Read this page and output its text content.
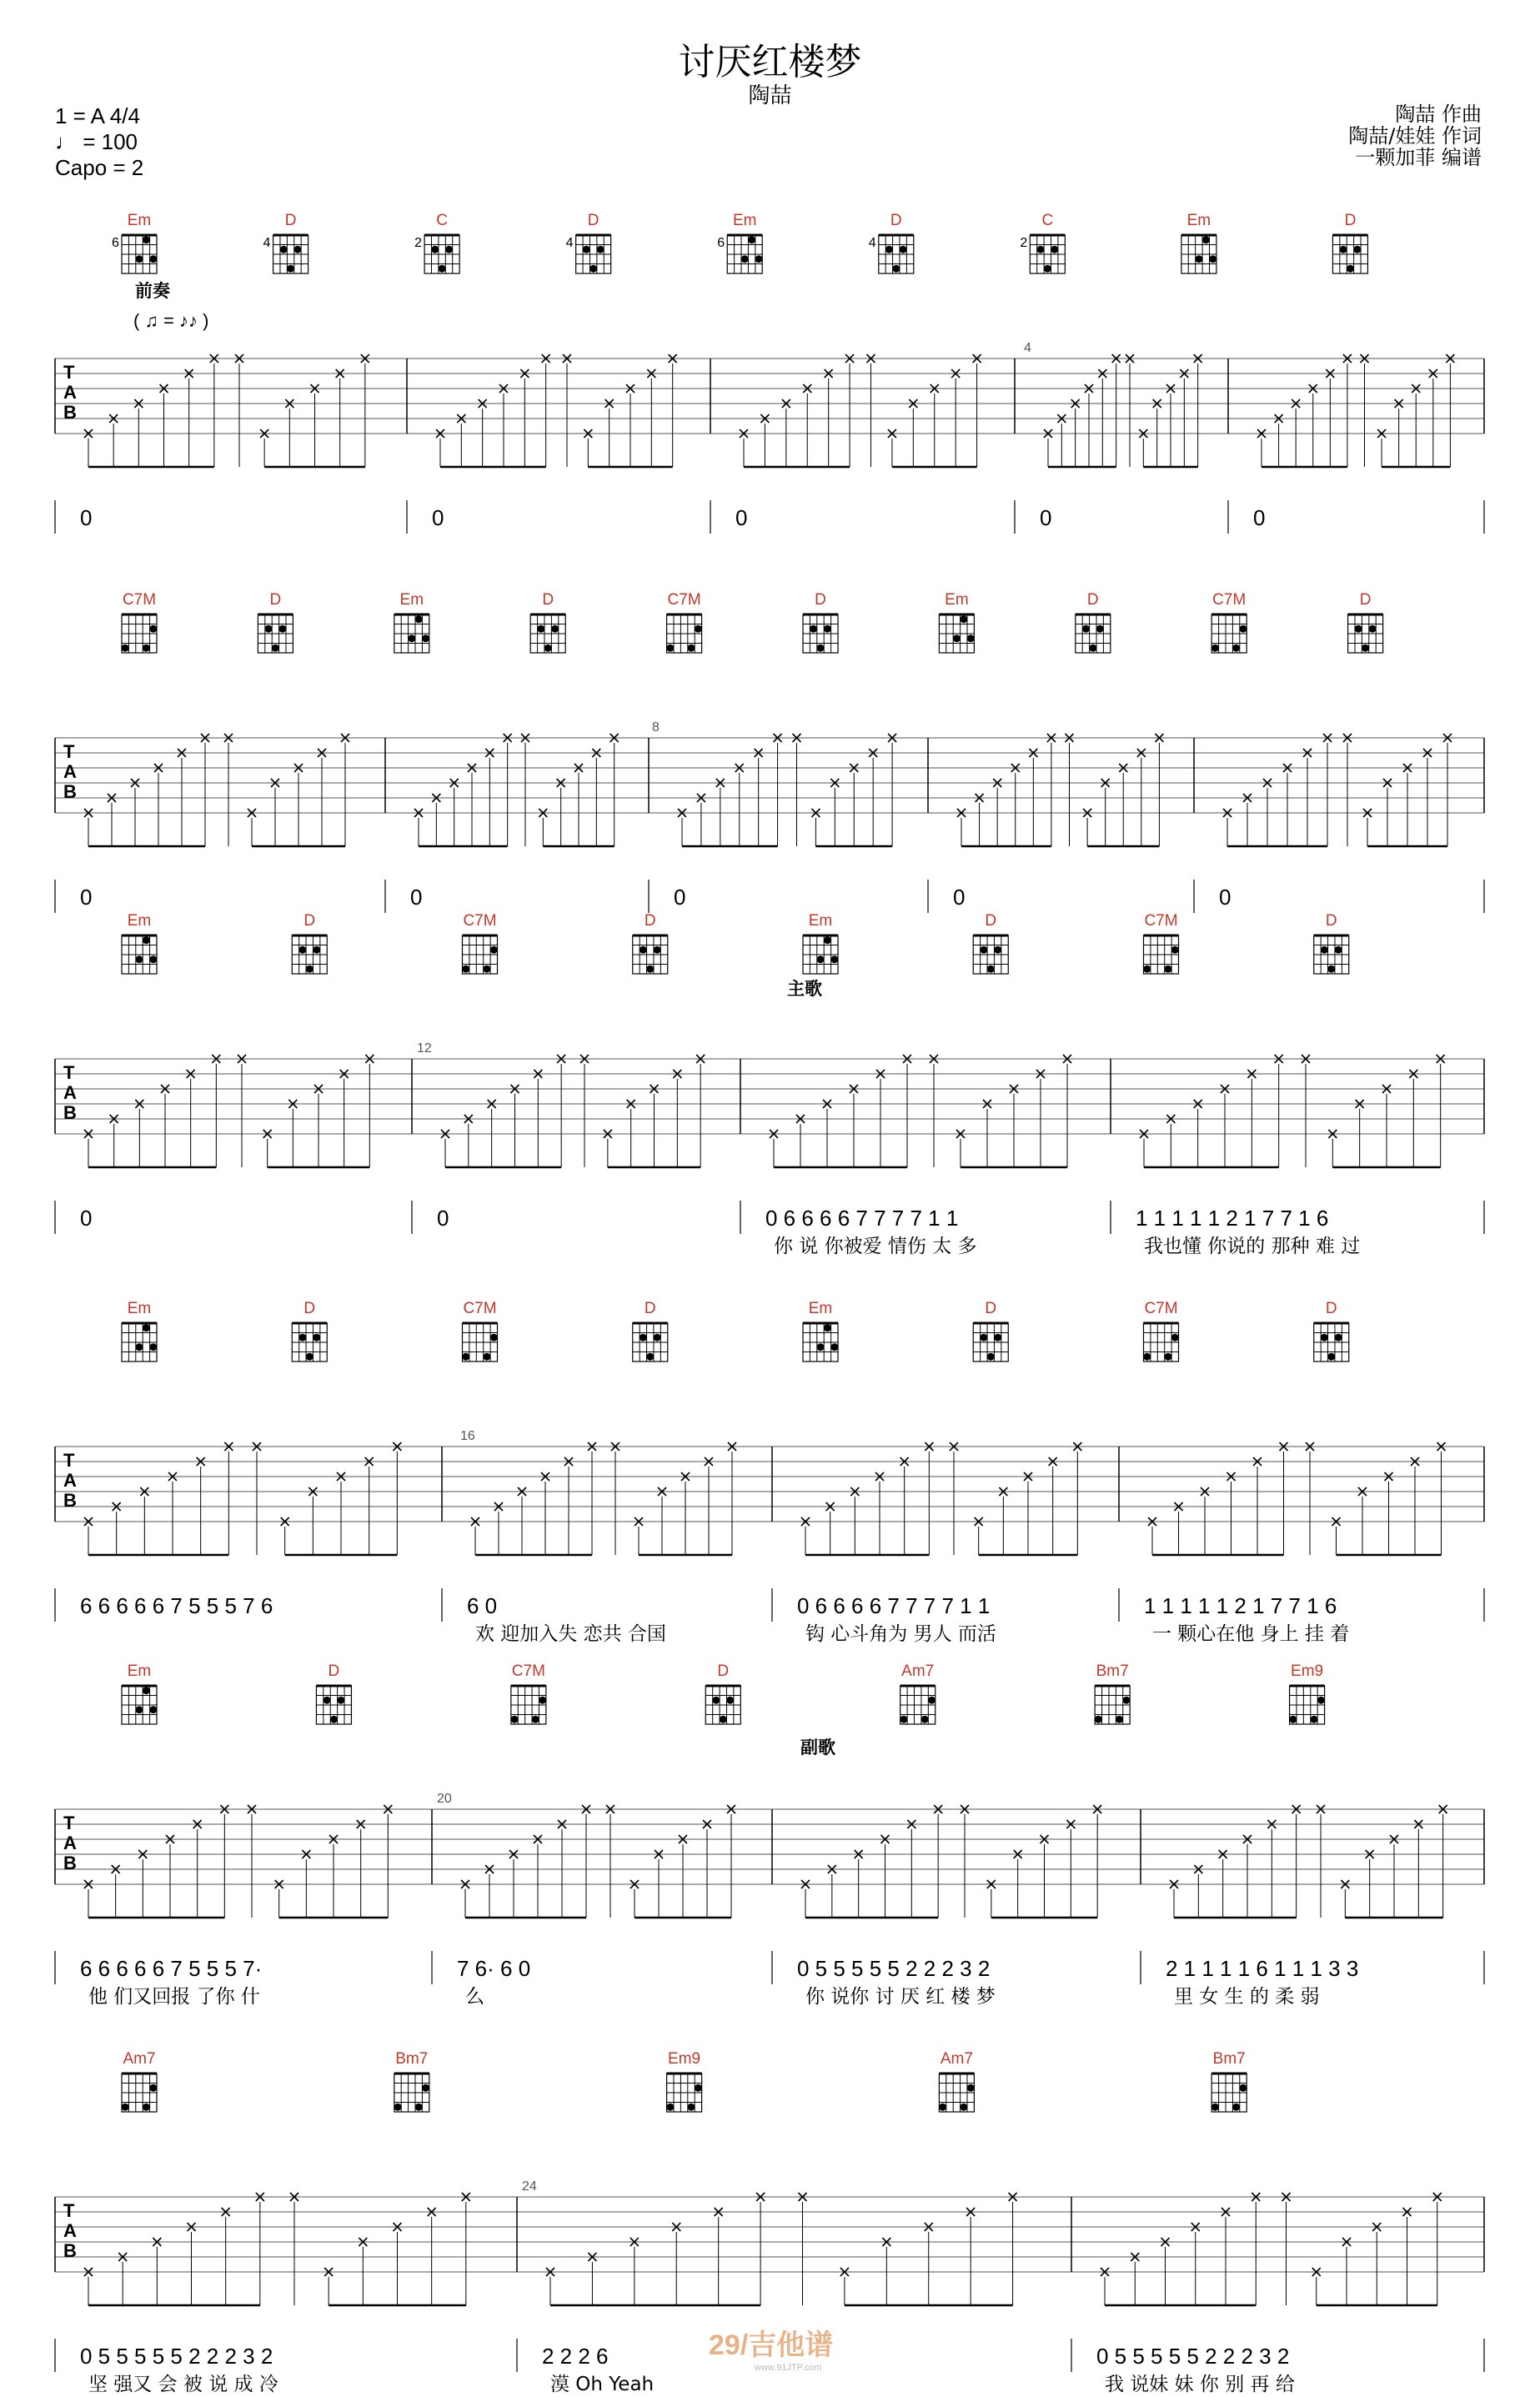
讨厌红楼梦
陶喆
1 = A 4/4
♩ = 100
Capo = 2
陶喆 作曲
陶喆/娃娃 作词
一颗加菲 编谱
前奏
( ♫ = ♪♪ )
主歌
副歌
Em
6
D
4
C
2
D
4
Em
6
D
4
C
2
Em	D
T
A
B
4
0	0	0	0	0
C7M	D	Em	D	C7M	D	Em	D	C7M	D
T
A
B
8
0	0	0	0	0
Em	D	C7M	D	Em	D	C7M	D
T
A
B
12
0	0	0 6 6 6 6 7 7 7 7 1 1	1 1 1 1 1 2 1 7 7 1 6
你 说 你被爱 情伤 太 多	我也懂 你说的 那种 难 过
Em	D	C7M	D	Em	D	C7M	D
T
A
B
16
6 6 6 6 6 7 5 5 5 7 6	6 0	0 6 6 6 6 7 7 7 7 1 1	1 1 1 1 1 2 1 7 7 1 6
欢 迎加入失 恋共 合国	钩 心斗角为 男人 而活	一 颗心在他 身上 挂 着
Em	D	C7M	D	Am7	Bm7	Em9
T
A
B
20
6 6 6 6 6 7 5 5 5 7·	7 6· 6 0	0 5 5 5 5 5 2 2 2 3 2	2 1 1 1 1 6 1 1 1 3 3
他 们又回报 了你 什	么	你 说你 讨 厌 红 楼 梦	里 女 生 的 柔 弱
Am7	Bm7	Em9	Am7	Bm7
T
A
B
24
0 5 5 5 5 5 2 2 2 3 2	2 2 2 6	0 5 5 5 5 5 2 2 2 3 2
坚 强又 会 被 说 成 冷	漠 Oh Yeah	我 说妹 妹 你 别 再 给
29/吉他谱
www.91JTP.com
